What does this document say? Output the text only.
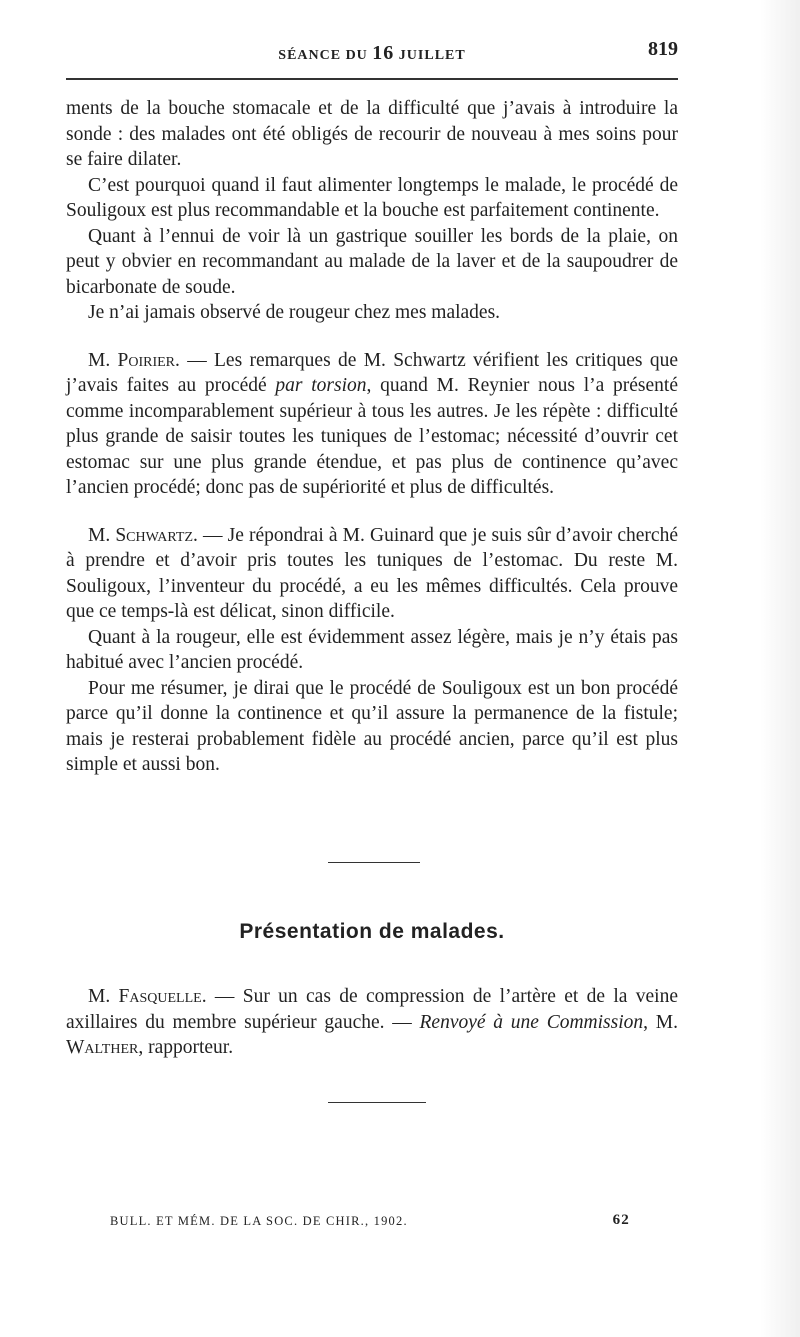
SÉANCE DU 16 JUILLET	819

ments de la bouche stomacale et de la difficulté que j’avais à introduire la sonde : des malades ont été obligés de recourir de nouveau à mes soins pour se faire dilater.

C’est pourquoi quand il faut alimenter longtemps le malade, le procédé de Souligoux est plus recommandable et la bouche est parfaitement continente.

Quant à l’ennui de voir là un gastrique souiller les bords de la plaie, on peut y obvier en recommandant au malade de la laver et de la saupoudrer de bicarbonate de soude.

Je n’ai jamais observé de rougeur chez mes malades.

M. Poirier. — Les remarques de M. Schwartz vérifient les critiques que j’avais faites au procédé par torsion, quand M. Reynier nous l’a présenté comme incomparablement supérieur à tous les autres. Je les répète : difficulté plus grande de saisir toutes les tuniques de l’estomac; nécessité d’ouvrir cet estomac sur une plus grande étendue, et pas plus de continence qu’avec l’ancien procédé; donc pas de supériorité et plus de difficultés.

M. Schwartz. — Je répondrai à M. Guinard que je suis sûr d’avoir cherché à prendre et d’avoir pris toutes les tuniques de l’estomac. Du reste M. Souligoux, l’inventeur du procédé, a eu les mêmes difficultés. Cela prouve que ce temps-là est délicat, sinon difficile.

Quant à la rougeur, elle est évidemment assez légère, mais je n’y étais pas habitué avec l’ancien procédé.

Pour me résumer, je dirai que le procédé de Souligoux est un bon procédé parce qu’il donne la continence et qu’il assure la permanence de la fistule; mais je resterai probablement fidèle au procédé ancien, parce qu’il est plus simple et aussi bon.

Présentation de malades.

M. Fasquelle. — Sur un cas de compression de l’artère et de la veine axillaires du membre supérieur gauche. — Renvoyé à une Commission, M. Walther, rapporteur.

BULL. ET MÉM. DE LA SOC. DE CHIR., 1902.	62
